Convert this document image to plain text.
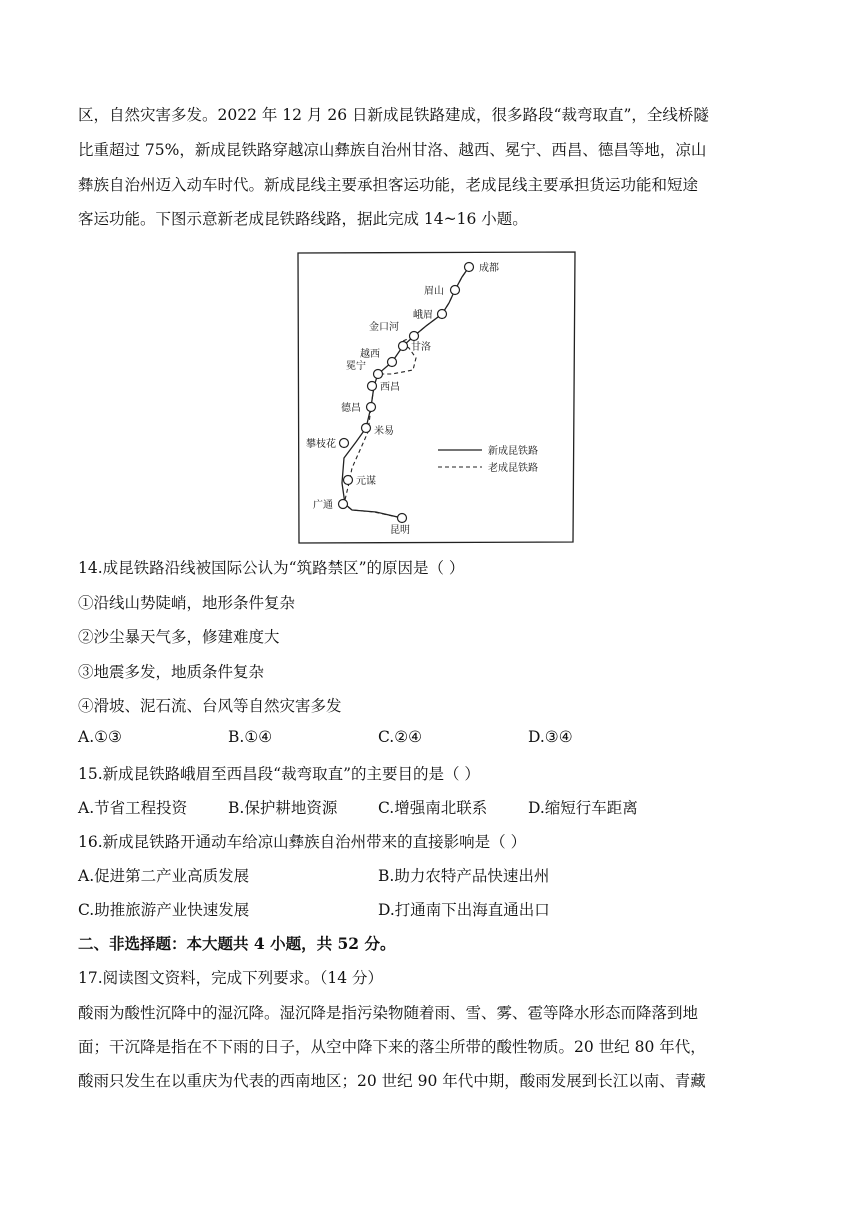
区，自然灾害多发。2022 年 12 月 26 日新成昆铁路建成，很多路段“裁弯取直”，全线桥隧
比重超过 75%，新成昆铁路穿越凉山彝族自治州甘洛、越西、冕宁、西昌、德昌等地，凉山
彝族自治州迈入动车时代。新成昆线主要承担客运功能，老成昆线主要承担货运功能和短途
客运功能。下图示意新老成昆铁路线路，据此完成 14~16 小题。
成都
眉山
峨眉
金口河
甘洛
越西
冕宁
西昌
德昌
米易
攀枝花
元谋
广通
昆明
新成昆铁路
老成昆铁路
14.成昆铁路沿线被国际公认为“筑路禁区”的原因是（ ）
①沿线山势陡峭，地形条件复杂
②沙尘暴天气多，修建难度大
③地震多发，地质条件复杂
④滑坡、泥石流、台风等自然灾害多发
A.①③	B.①④	C.②④	D.③④
15.新成昆铁路峨眉至西昌段“裁弯取直”的主要目的是（ ）
A.节省工程投资	B.保护耕地资源	C.增强南北联系	D.缩短行车距离
16.新成昆铁路开通动车给凉山彝族自治州带来的直接影响是（ ）
A.促进第二产业高质发展	B.助力农特产品快速出州
C.助推旅游产业快速发展	D.打通南下出海直通出口
二、非选择题：本大题共 4 小题，共 52 分。
17.阅读图文资料，完成下列要求。（14 分）
酸雨为酸性沉降中的湿沉降。湿沉降是指污染物随着雨、雪、雾、雹等降水形态而降落到地
面；干沉降是指在不下雨的日子，从空中降下来的落尘所带的酸性物质。20 世纪 80 年代，
酸雨只发生在以重庆为代表的西南地区；20 世纪 90 年代中期，酸雨发展到长江以南、青藏
